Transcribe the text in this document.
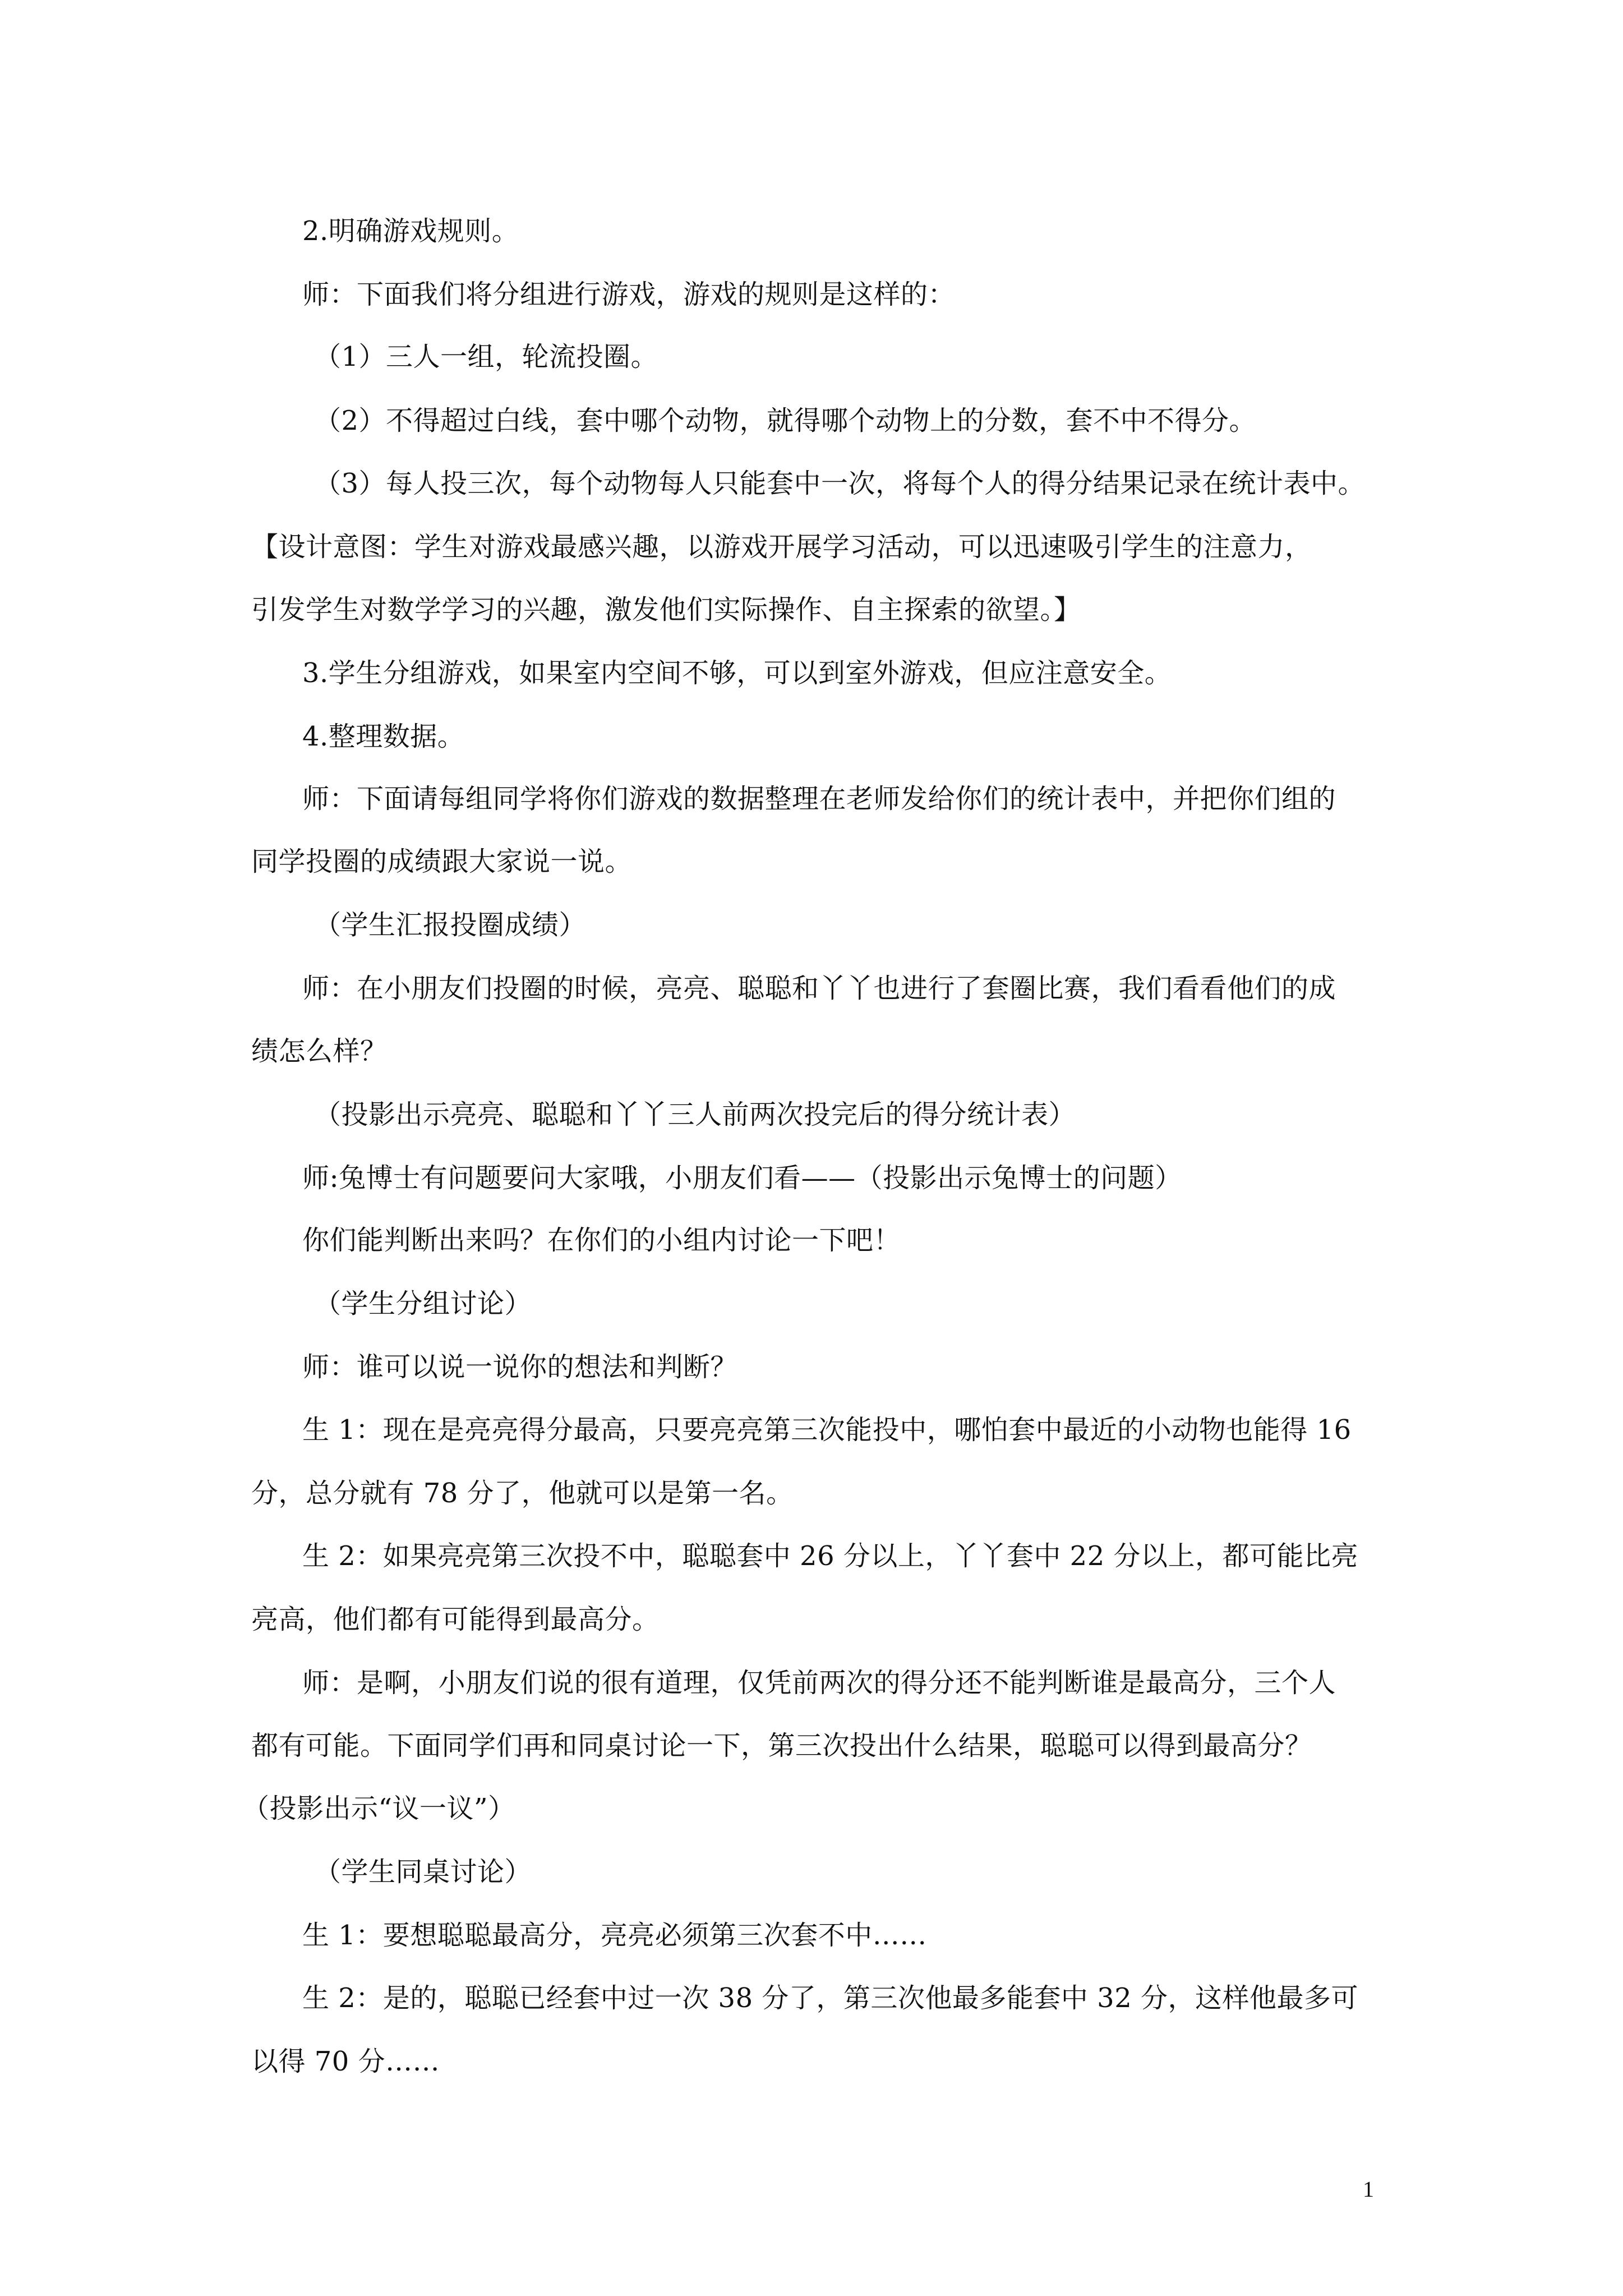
2.明确游戏规则。
师：下面我们将分组进行游戏，游戏的规则是这样的：
（1）三人一组，轮流投圈。
（2）不得超过白线，套中哪个动物，就得哪个动物上的分数，套不中不得分。
（3）每人投三次，每个动物每人只能套中一次，将每个人的得分结果记录在统计表中。
【设计意图：学生对游戏最感兴趣，以游戏开展学习活动，可以迅速吸引学生的注意力，
引发学生对数学学习的兴趣，激发他们实际操作、自主探索的欲望。】
3.学生分组游戏，如果室内空间不够，可以到室外游戏，但应注意安全。
4.整理数据。
师：下面请每组同学将你们游戏的数据整理在老师发给你们的统计表中，并把你们组的
同学投圈的成绩跟大家说一说。
（学生汇报投圈成绩）
师：在小朋友们投圈的时候，亮亮、聪聪和丫丫也进行了套圈比赛，我们看看他们的成
绩怎么样？
（投影出示亮亮、聪聪和丫丫三人前两次投完后的得分统计表）
师:兔博士有问题要问大家哦，小朋友们看——（投影出示兔博士的问题）
你们能判断出来吗？在你们的小组内讨论一下吧！
（学生分组讨论）
师：谁可以说一说你的想法和判断？
生 1：现在是亮亮得分最高，只要亮亮第三次能投中，哪怕套中最近的小动物也能得 16
分，总分就有 78 分了，他就可以是第一名。
生 2：如果亮亮第三次投不中，聪聪套中 26 分以上，丫丫套中 22 分以上，都可能比亮
亮高，他们都有可能得到最高分。
师：是啊，小朋友们说的很有道理，仅凭前两次的得分还不能判断谁是最高分，三个人
都有可能。下面同学们再和同桌讨论一下，第三次投出什么结果，聪聪可以得到最高分？
（投影出示“议一议”）
（学生同桌讨论）
生 1：要想聪聪最高分，亮亮必须第三次套不中……
生 2：是的，聪聪已经套中过一次 38 分了，第三次他最多能套中 32 分，这样他最多可
以得 70 分……
1
